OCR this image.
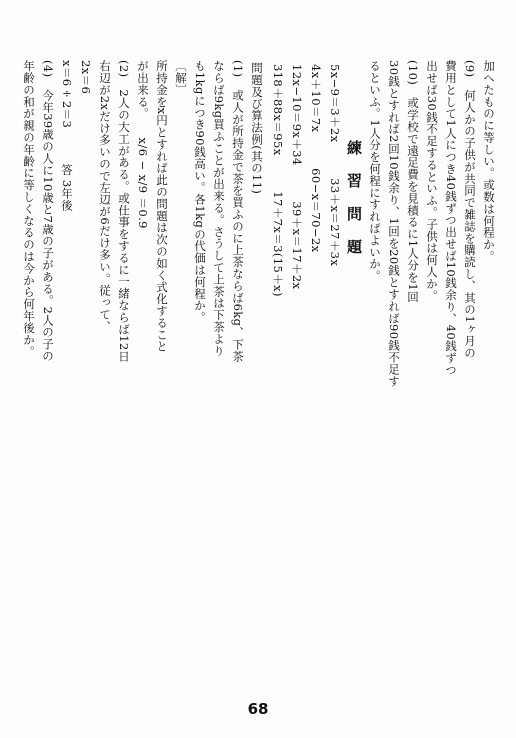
加へたものに等しい。或数は何程か。
(9)　何人かの子供が共同で雑誌を購読し、其の1ヶ月の
費用として1人につき40銭ずつ出せば10銭余り、40銭ずつ
出せば30銭不足するといふ。子供は何人か。
(10)　或学校で遠足費を見積るに1人分を1回
30銭とすれば2回10銭余り、1回を20銭とすれば90銭不足す
るといふ。1人分を何程にすればよいか。
練　習　問　題
5x−9＝3＋2x　　　33＋x＝27＋3x
4x＋10＝7x　　　60−x＝70−2x
12x−10＝9x＋34　　　39＋x＝17＋2x
318＋88x＝95x　　　17＋7x＝3(15＋x)
問題及び算法例(其の11)
(1)　或人が所持金で茶を買ふのに上茶ならば6kg、下茶
ならば9kg買ふことが出来る。さうして上茶は下茶より
も1kgにつき90銭高い。各1kgの代価は何程か。
〔解〕
所持金をx円とすれば此の問題は次の如く式化すること
が出来る。　　x/6 − x/9 ＝0.9
(2)　2人の大工がある。或仕事をするに一緒ならば12日
右辺が2xだけ多いので左辺が6だけ多い。従って、
2x＝6
x＝6÷2＝3　　　答 3年後
(4)　今年39歳の人に10歳と7歳の子がある。2人の子の
年齢の和が親の年齢に等しくなるのは今から何年後か。
68
